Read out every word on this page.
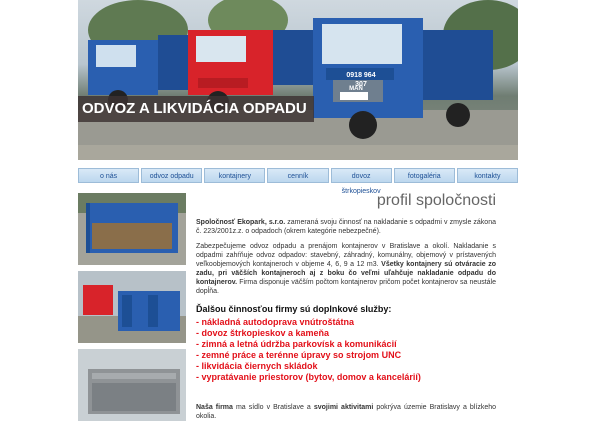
0918 964 307
MAN
ODVOZ A LIKVIDÁCIA ODPADU
o nás	odvoz odpadu	kontajnery	cenník	dovoz štrkopieskov
fotogaléria	kontakty
profil spoločnosti

Spoločnosť Ekopark, s.r.o. zameraná svoju činnosť na nakladanie s odpadmi v zmysle zákona č. 223/2001z.z. o odpadoch (okrem kategórie nebezpečné).

Zabezpečujeme odvoz odpadu a prenájom kontajnerov v Bratislave a okolí. Nakladanie s odpadmi zahŕňuje odvoz odpadov: stavebný, záhradný, komunálny, objemový v prístavených veľkoobjemových kontajneroch v objeme 4, 6, 9 a 12 m3. Všetky kontajnery sú otváracie zo zadu, pri väčších kontajneroch aj z boku čo veľmi uľahčuje nakladanie odpadu do kontajnerov. Firma disponuje väčším počtom kontajnerov pričom počet kontajnerov sa neustále dopĺňa.

Ďalšou činnosťou firmy sú doplnkové služby:

- nákladná autodoprava vnútroštátna

- dovoz štrkopieskov a kameňa

- zimná a letná údržba parkovísk a komunikácií

- zemné práce a terénne úpravy so strojom UNC

- likvidácia čiernych skládok

- vypratávanie priestorov (bytov, domov a kancelárií)

Naša firma ma sídlo v Bratislave a svojimi aktivitami pokrýva územie Bratislavy a blízkeho okolia.
